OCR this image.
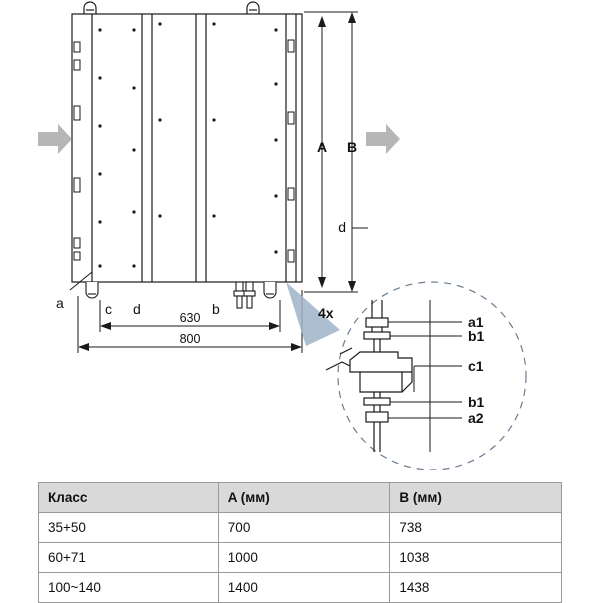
A B
d
630
800
a	c d	b	4x
a1
b1
c1
b1
a2
Класс	A (мм)	B (мм)
35+50	700	738
60+71	1000	1038
100~140	1400	1438
